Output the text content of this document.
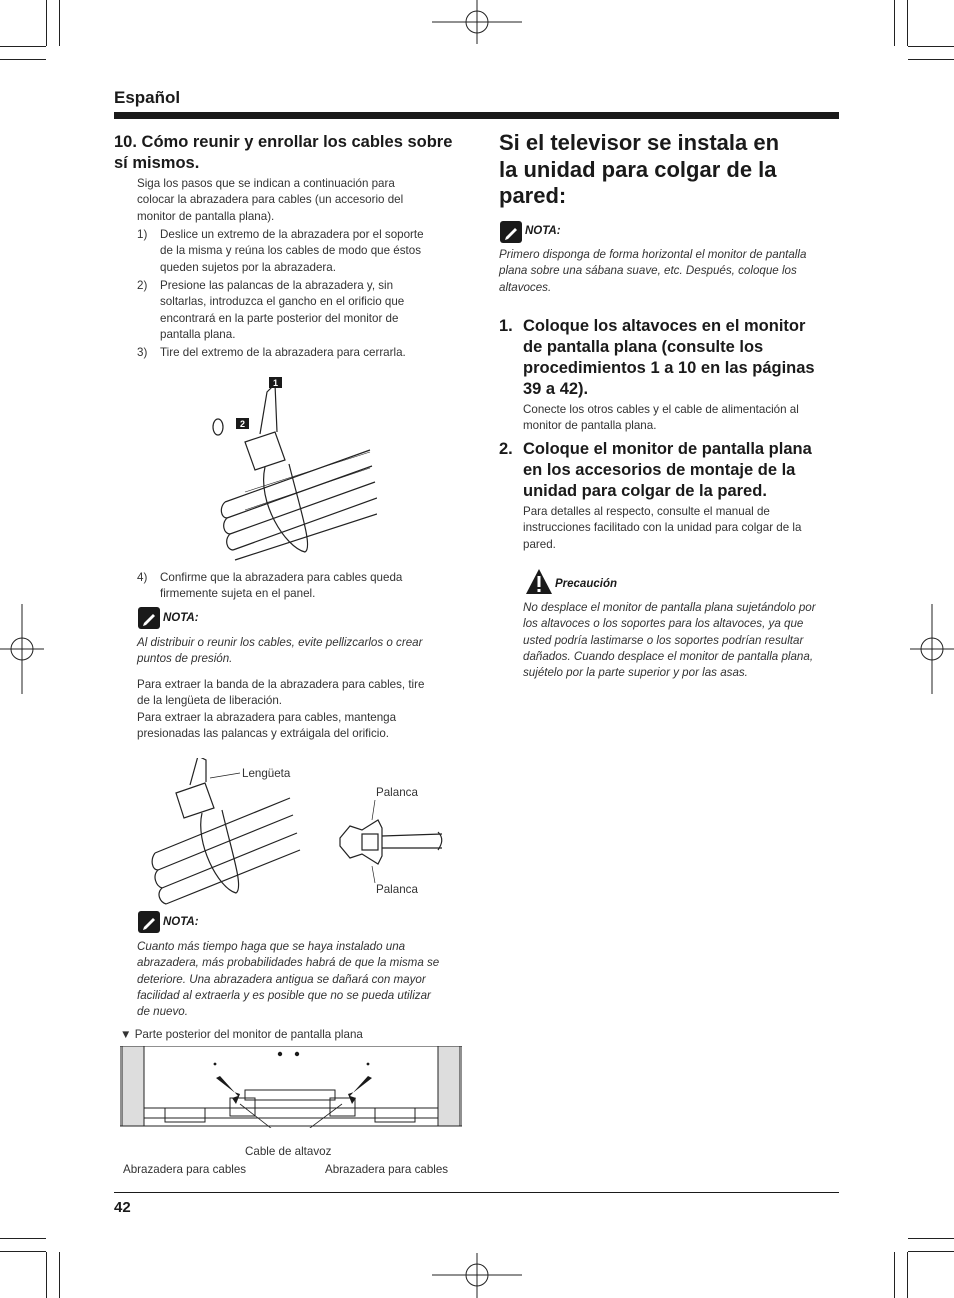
Español
10. Cómo reunir y enrollar los cables sobre sí mismos.
Siga los pasos que se indican a continuación para
colocar la abrazadera para cables (un accesorio del
monitor de pantalla plana).
1) Deslice un extremo de la abrazadera por el soporte
de la misma y reúna los cables de modo que éstos
queden sujetos por la abrazadera.
2) Presione las palancas de la abrazadera y, sin
soltarlas, introduzca el gancho en el orificio que
encontrará en la parte posterior del monitor de
pantalla plana.
3) Tire del extremo de la abrazadera para cerrarla.
1
2
4) Confirme que la abrazadera para cables queda
firmemente sujeta en el panel.
NOTA:
Al distribuir o reunir los cables, evite pellizcarlos o crear
puntos de presión.
Para extraer la banda de la abrazadera para cables, tire
de la lengüeta de liberación.
Para extraer la abrazadera para cables, mantenga
presionadas las palancas y extráigala del orificio.
Lengüeta
Palanca
Palanca
NOTA:
Cuanto más tiempo haga que se haya instalado una
abrazadera, más probabilidades habrá de que la misma se
deteriore. Una abrazadera antigua se dañará con mayor
facilidad al extraerla y es posible que no se pueda utilizar
de nuevo.
▼ Parte posterior del monitor de pantalla plana
Cable de altavoz
Abrazadera para cables	Abrazadera para cables
Si el televisor se instala en
la unidad para colgar de la
pared:
NOTA:
Primero disponga de forma horizontal el monitor de pantalla
plana sobre una sábana suave, etc. Después, coloque los
altavoces.
1. Coloque los altavoces en el monitor
de pantalla plana (consulte los
procedimientos 1 a 10 en las páginas
39 a 42).
Conecte los otros cables y el cable de alimentación al
monitor de pantalla plana.
2. Coloque el monitor de pantalla plana
en los accesorios de montaje de la
unidad para colgar de la pared.
Para detalles al respecto, consulte el manual de
instrucciones facilitado con la unidad para colgar de la
pared.
Precaución
No desplace el monitor de pantalla plana sujetándolo por
los altavoces o los soportes para los altavoces, ya que
usted podría lastimarse o los soportes podrían resultar
dañados. Cuando desplace el monitor de pantalla plana,
sujételo por la parte superior y por las asas.
42
